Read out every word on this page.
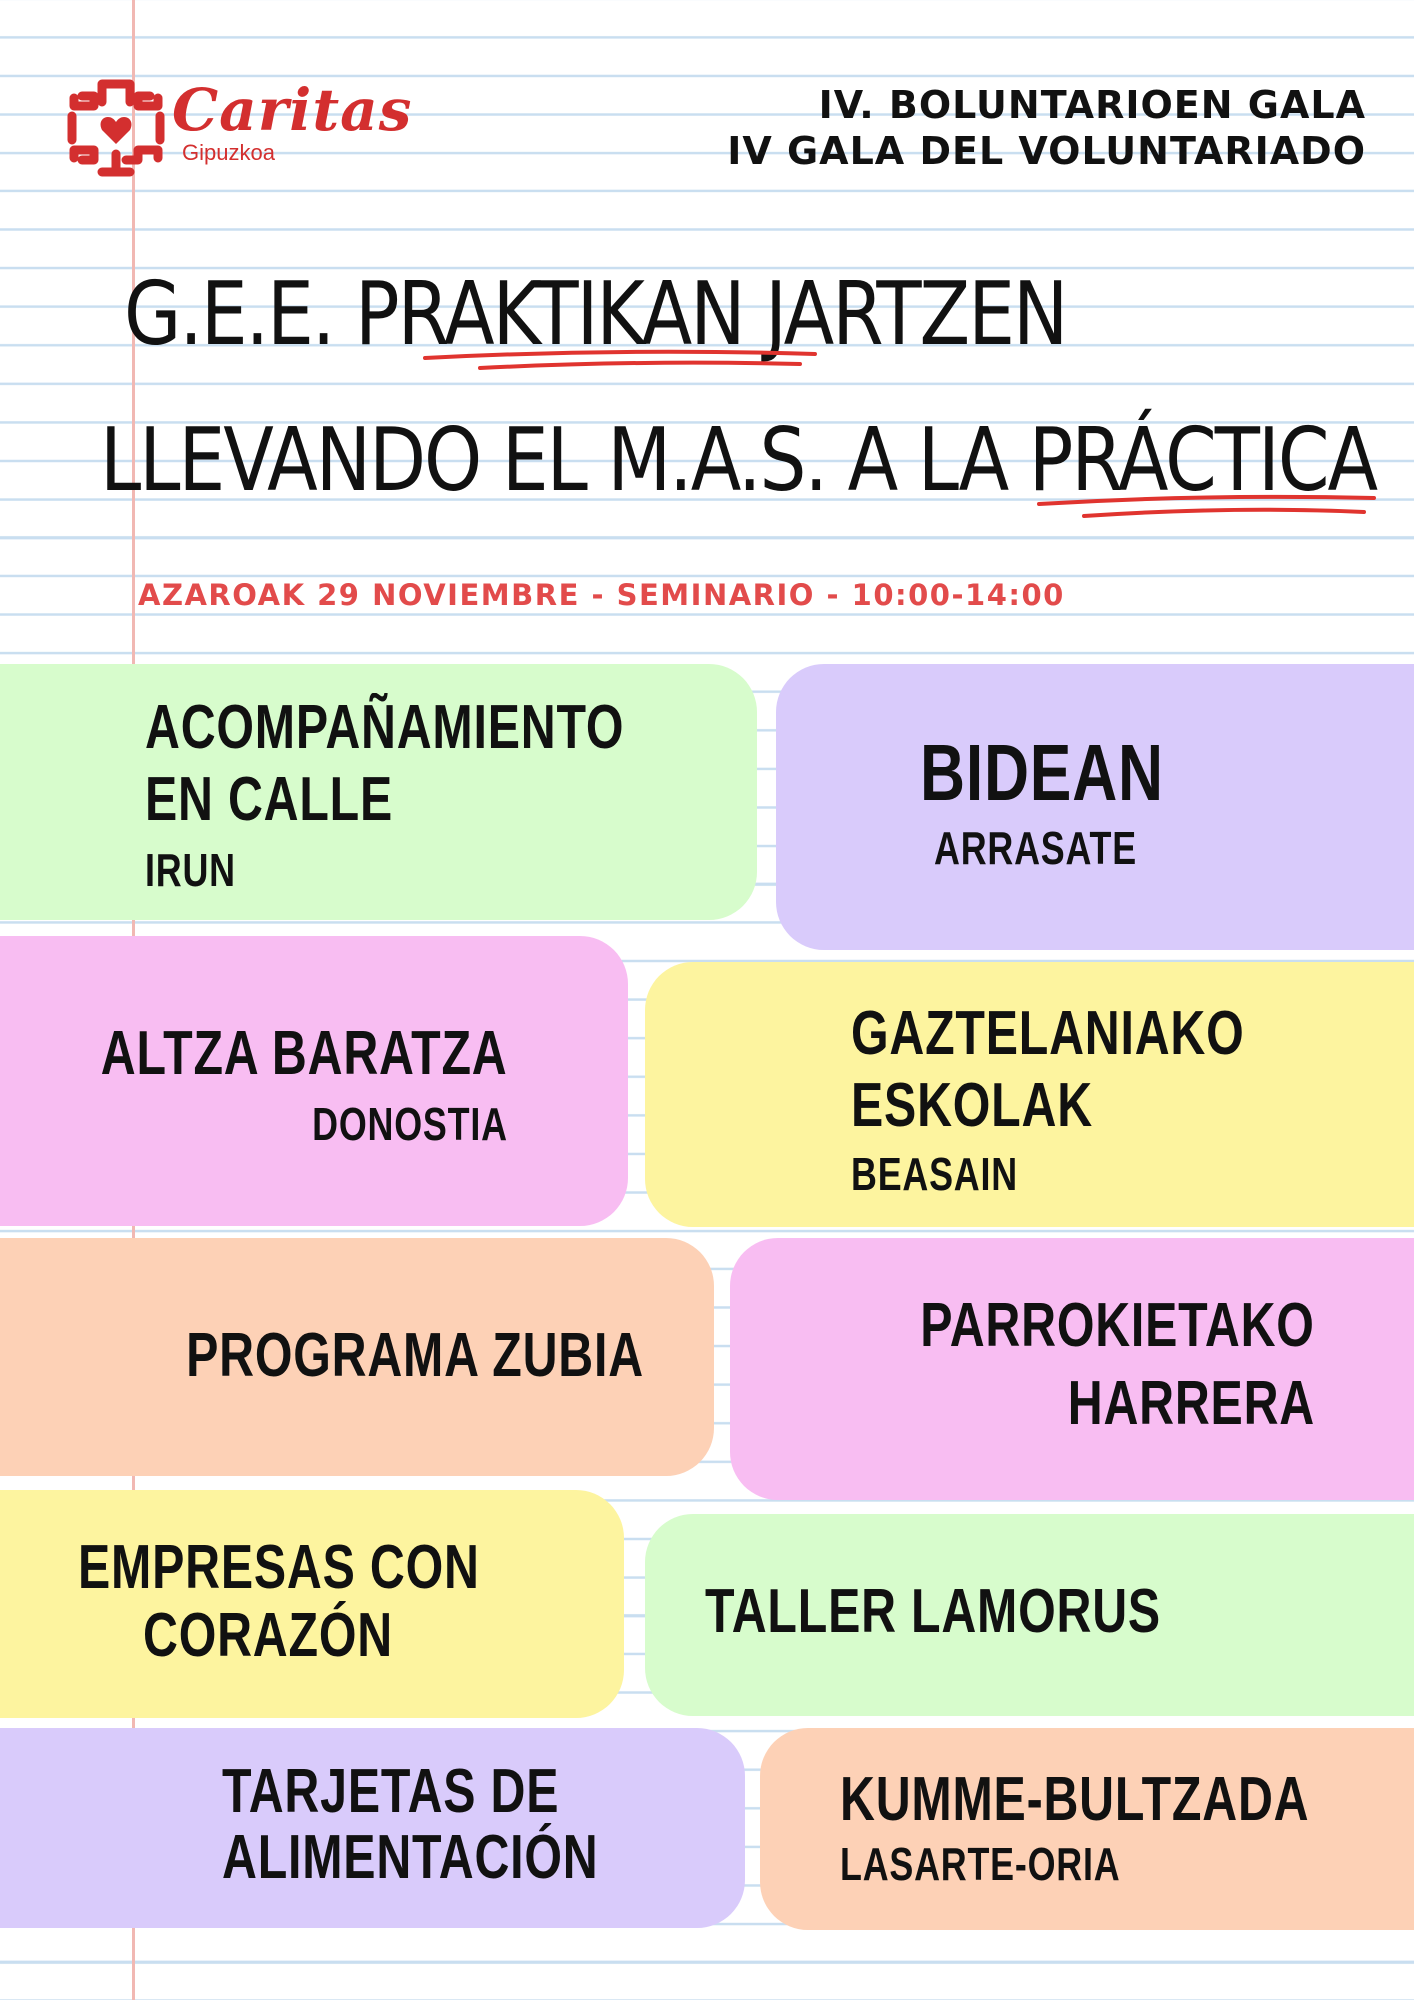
Caritas
Gipuzkoa
IV. BOLUNTARIOEN GALA
IV GALA DEL VOLUNTARIADO
G.E.E. PRAKTIKAN JARTZEN
LLEVANDO EL M.A.S. A LA PRÁCTICA
AZAROAK 29 NOVIEMBRE - SEMINARIO - 10:00-14:00
ACOMPAÑAMIENTO
EN CALLE
IRUN
BIDEAN
ARRASATE
ALTZA BARATZA
DONOSTIA
GAZTELANIAKO
ESKOLAK
BEASAIN
PROGRAMA ZUBIA	PARROKIETAKO
HARRERA
EMPRESAS CON
CORAZÓN	TALLER LAMORUS
TARJETAS DE
ALIMENTACIÓN
KUMME-BULTZADA
LASARTE-ORIA
